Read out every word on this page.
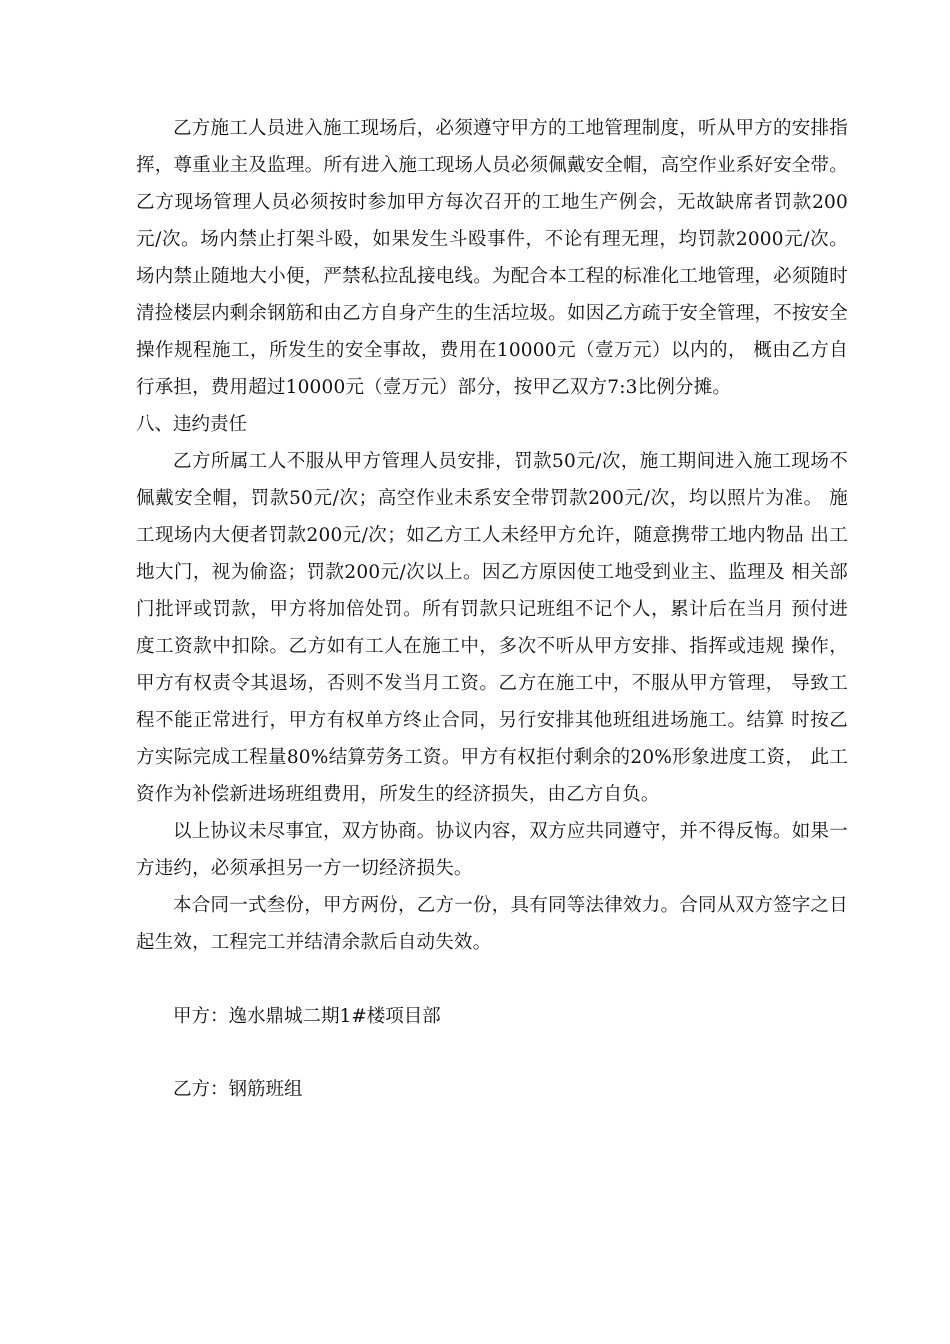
乙方施工人员进入施工现场后，必须遵守甲方的工地管理制度，听从甲方的安排指挥，尊重业主及监理。所有进入施工现场人员必须佩戴安全帽，高空作业系好安全带。乙方现场管理人员必须按时参加甲方每次召开的工地生产例会，无故缺席者罚款200元/次。场内禁止打架斗殴，如果发生斗殴事件，不论有理无理，均罚款2000元/次。场内禁止随地大小便，严禁私拉乱接电线。为配合本工程的标准化工地管理，必须随时清捡楼层内剩余钢筋和由乙方自身产生的生活垃圾。如因乙方疏于安全管理，不按安全操作规程施工，所发生的安全事故，费用在10000元（壹万元）以内的， 概由乙方自行承担，费用超过10000元（壹万元）部分，按甲乙双方7:3比例分摊。

八、违约责任

乙方所属工人不服从甲方管理人员安排，罚款50元/次，施工期间进入施工现场不佩戴安全帽，罚款50元/次；高空作业未系安全带罚款200元/次，均以照片为准。 施工现场内大便者罚款200元/次；如乙方工人未经甲方允许，随意携带工地内物品 出工地大门，视为偷盗；罚款200元/次以上。因乙方原因使工地受到业主、监理及 相关部门批评或罚款，甲方将加倍处罚。所有罚款只记班组不记个人，累计后在当月 预付进度工资款中扣除。乙方如有工人在施工中，多次不听从甲方安排、指挥或违规 操作，甲方有权责令其退场，否则不发当月工资。乙方在施工中，不服从甲方管理， 导致工程不能正常进行，甲方有权单方终止合同，另行安排其他班组进场施工。结算 时按乙方实际完成工程量80%结算劳务工资。甲方有权拒付剩余的20%形象进度工资， 此工资作为补偿新进场班组费用，所发生的经济损失，由乙方自负。

以上协议未尽事宜，双方协商。协议内容，双方应共同遵守，并不得反悔。如果一方违约，必须承担另一方一切经济损失。

本合同一式叁份，甲方两份，乙方一份，具有同等法律效力。合同从双方签字之日起生效，工程完工并结清余款后自动失效。

甲方：逸水鼎城二期1#楼项目部

乙方：钢筋班组
